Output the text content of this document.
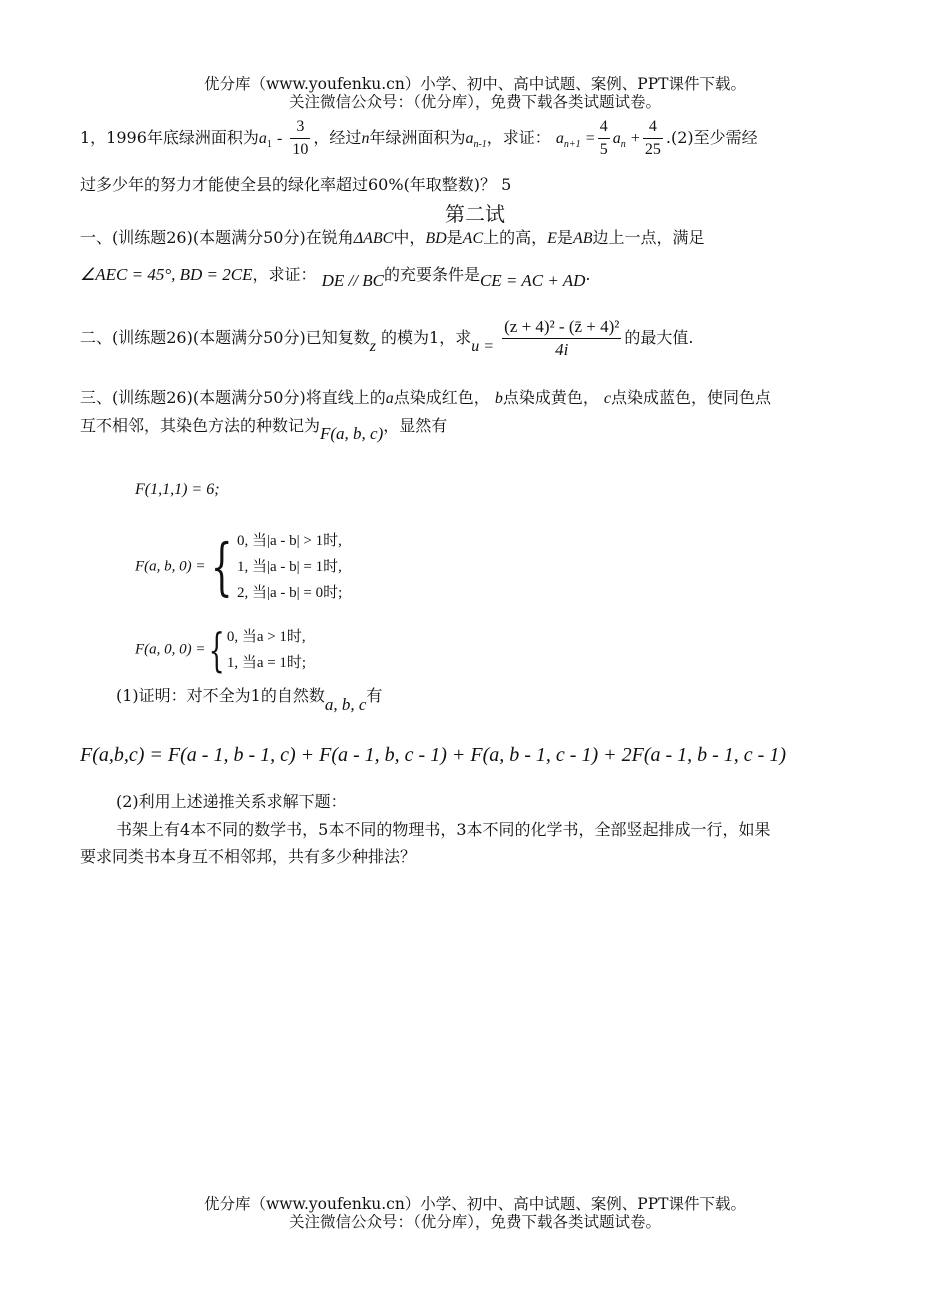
优分库（www.youfenku.cn）小学、初中、高中试题、案例、PPT课件下载。
关注微信公众号：（优分库），免费下载各类试题试卷。
1，1996年底绿洲面积为$a_1 - \frac{3}{10}$ ，经过n年绿洲面积为$a_{n-1}$，求证： $a_{n+1} = \frac{4}{5} a_n + \frac{4}{25} .(2)$至少需经
过多少年的努力才能使全县的绿化率超过60%(年取整数)？ 5
第二试
一、(训练题26)(本题满分50分)在锐角ΔABC中，BD是AC上的高，E是AB边上一点，满足
∠AEC = 45°, BD = 2CE，求证： DE // BC的充要条件是CE = AC + AD.
二、(训练题26)(本题满分50分)已知复数z 的模为1，求$u = \frac{\text{(z + 4)² - (z̄ + 4)²}}{4i}$ 的最大值.
三、(训练题26)(本题满分50分)将直线上的a点染成红色， b点染成黄色， c点染成蓝色，使同色点
互不相邻，其染色方法的种数记为F(a, b, c)，显然有
F(1,1,1) = 6;
F(a, b, 0) ={ 0, 当|a - b| > 1时,
1, 当|a - b| = 1时,
2, 当|a - b| = 0时;
F(a, 0, 0) ={ 0, 当a > 1时,
1, 当a = 1时;
(1)证明：对不全为1的自然数a, b, c有
F(a,b,c) = F(a - 1, b - 1, c) + F(a - 1, b, c - 1) + F(a, b - 1, c - 1) + 2F(a - 1, b - 1, c - 1)
(2)利用上述递推关系求解下题：
书架上有4本不同的数学书，5本不同的物理书，3本不同的化学书，全部竖起排成一行，如果
要求同类书本身互不相邻邦，共有多少种排法？
优分库（www.youfenku.cn）小学、初中、高中试题、案例、PPT课件下载。
关注微信公众号：（优分库），免费下载各类试题试卷。
